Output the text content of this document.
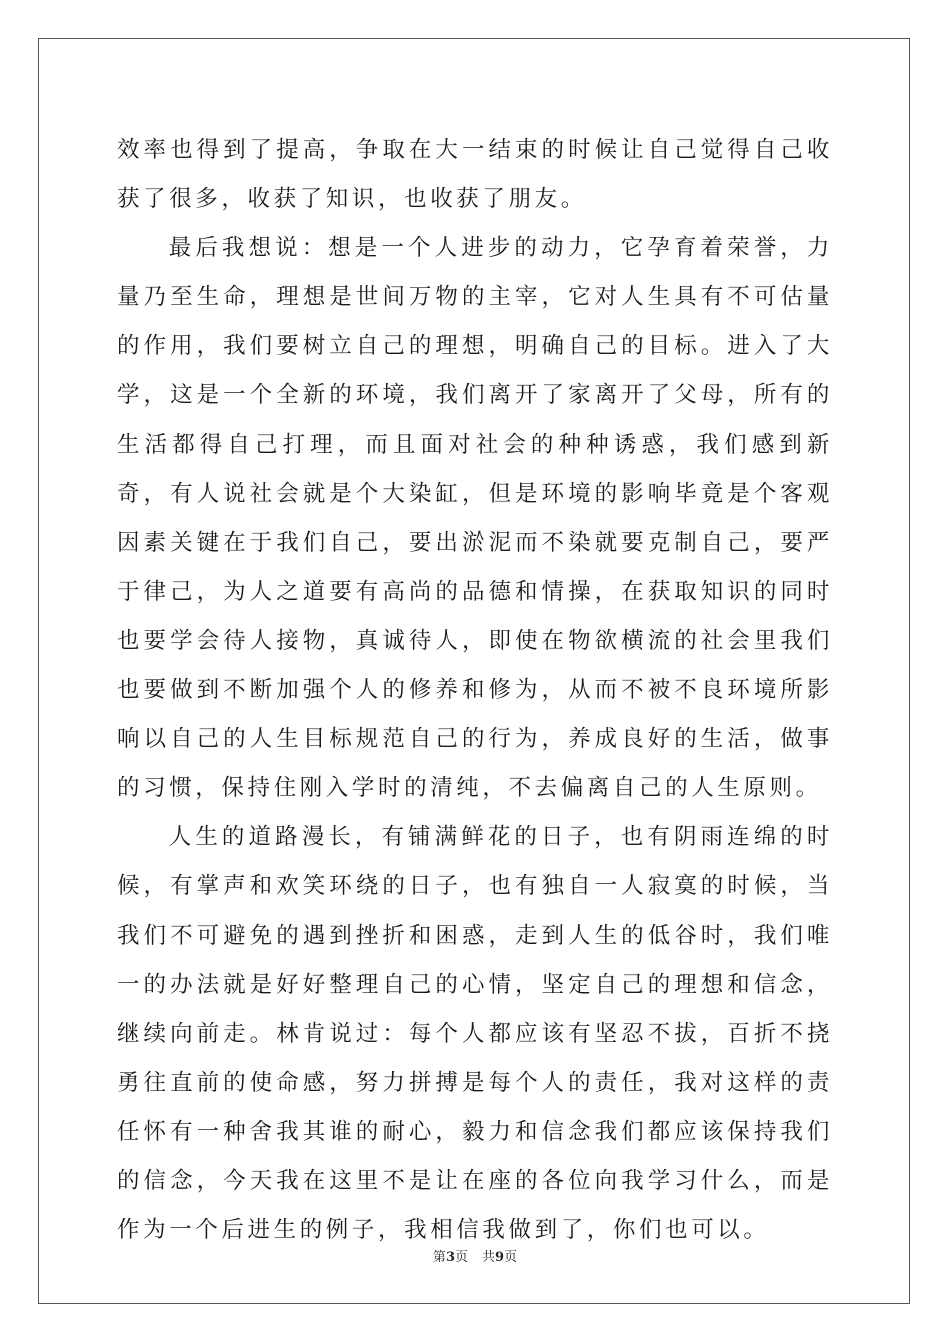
效率也得到了提高，争取在大一结束的时候让自己觉得自己收获了很多，收获了知识，也收获了朋友。

最后我想说：想是一个人进步的动力，它孕育着荣誉，力量乃至生命，理想是世间万物的主宰，它对人生具有不可估量的作用，我们要树立自己的理想，明确自己的目标。进入了大学，这是一个全新的环境，我们离开了家离开了父母，所有的生活都得自己打理，而且面对社会的种种诱惑，我们感到新奇，有人说社会就是个大染缸，但是环境的影响毕竟是个客观因素关键在于我们自己，要出淤泥而不染就要克制自己，要严于律己，为人之道要有高尚的品德和情操，在获取知识的同时也要学会待人接物，真诚待人，即使在物欲横流的社会里我们也要做到不断加强个人的修养和修为，从而不被不良环境所影响以自己的人生目标规范自己的行为，养成良好的生活，做事的习惯，保持住刚入学时的清纯，不去偏离自己的人生原则。

人生的道路漫长，有铺满鲜花的日子，也有阴雨连绵的时候，有掌声和欢笑环绕的日子，也有独自一人寂寞的时候，当我们不可避免的遇到挫折和困惑，走到人生的低谷时，我们唯一的办法就是好好整理自己的心情，坚定自己的理想和信念，继续向前走。林肯说过：每个人都应该有坚忍不拔，百折不挠勇往直前的使命感，努力拼搏是每个人的责任，我对这样的责任怀有一种舍我其谁的耐心，毅力和信念我们都应该保持我们的信念，今天我在这里不是让在座的各位向我学习什么，而是作为一个后进生的例子，我相信我做到了，你们也可以。

第3页 共9页
